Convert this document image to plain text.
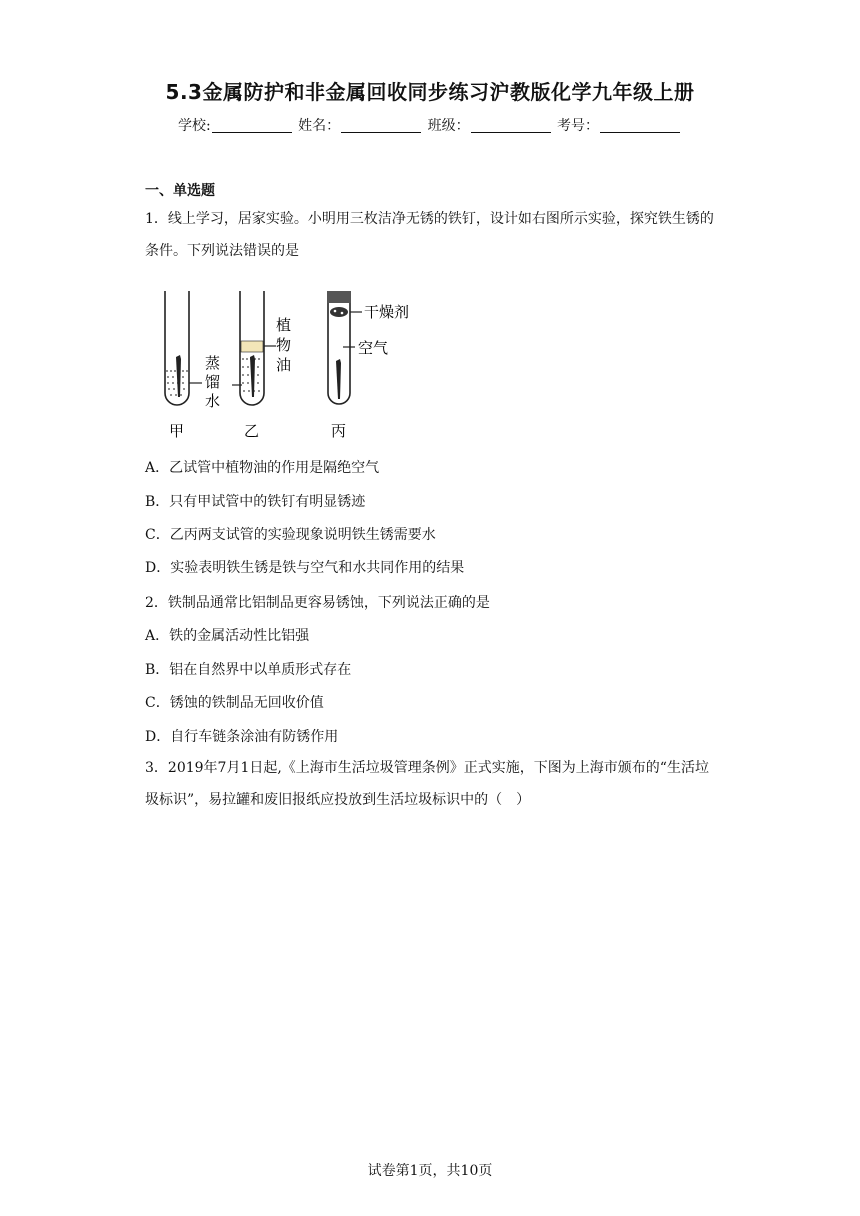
5.3金属防护和非金属回收同步练习沪教版化学九年级上册
学校:	姓名：	班级：	考号：
一、单选题
1．线上学习，居家实验。小明用三枚洁净无锈的铁钉，设计如右图所示实验，探究铁生锈的条件。下列说法错误的是
蒸
馏
水
植
物
油
干燥剂
空气
甲	乙	丙
A．乙试管中植物油的作用是隔绝空气
B．只有甲试管中的铁钉有明显锈迹
C．乙丙两支试管的实验现象说明铁生锈需要水
D．实验表明铁生锈是铁与空气和水共同作用的结果
2．铁制品通常比铝制品更容易锈蚀，下列说法正确的是
A．铁的金属活动性比铝强
B．铝在自然界中以单质形式存在
C．锈蚀的铁制品无回收价值
D．自行车链条涂油有防锈作用
3．2019年7月1日起,《上海市生活垃圾管理条例》正式实施，下图为上海市颁布的“生活垃圾标识”，易拉罐和废旧报纸应投放到生活垃圾标识中的（　）
试卷第1页，共10页
